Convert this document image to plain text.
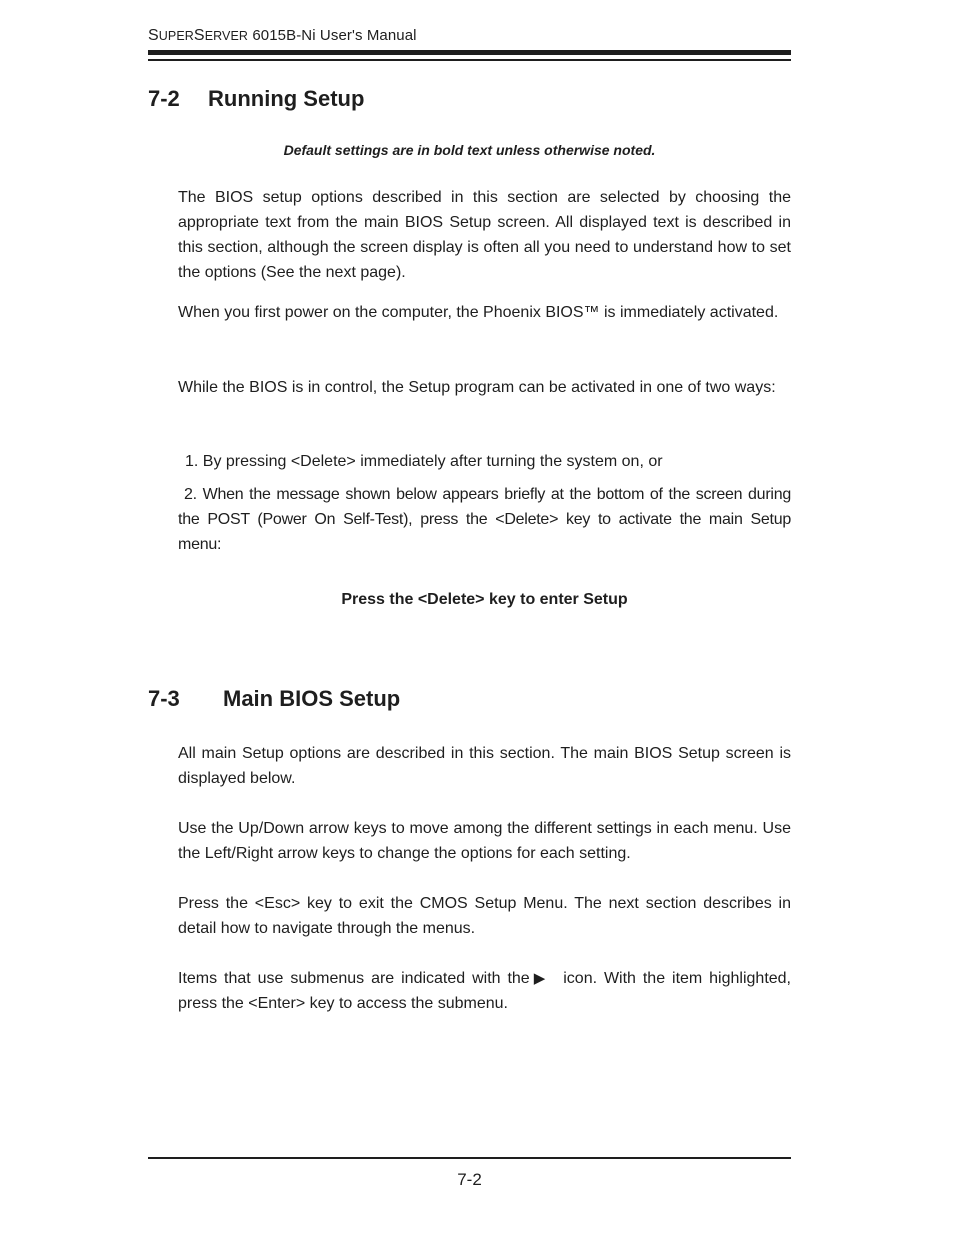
SUPERSERVER 6015B-Ni User's Manual
7-2 Running Setup
Default settings are in bold text unless otherwise noted.
The BIOS setup options described in this section are selected by choosing the appropriate text from the main BIOS Setup screen. All displayed text is described in this section, although the screen display is often all you need to understand how to set the options (See the next page).
When you first power on the computer, the Phoenix BIOS™ is immediately activated.
While the BIOS is in control, the Setup program can be activated in one of two ways:
1. By pressing <Delete> immediately after turning the system on, or
2. When the message shown below appears briefly at the bottom of the screen during the POST (Power On Self-Test), press the <Delete> key to activate the main Setup menu:
Press the <Delete> key to enter Setup
7-3 Main BIOS Setup
All main Setup options are described in this section. The main BIOS Setup screen is displayed below.
Use the Up/Down arrow keys to move among the different settings in each menu. Use the Left/Right arrow keys to change the options for each setting.
Press the <Esc> key to exit the CMOS Setup Menu. The next section describes in detail how to navigate through the menus.
Items that use submenus are indicated with the ▶ icon. With the item highlighted, press the <Enter> key to access the submenu.
7-2
